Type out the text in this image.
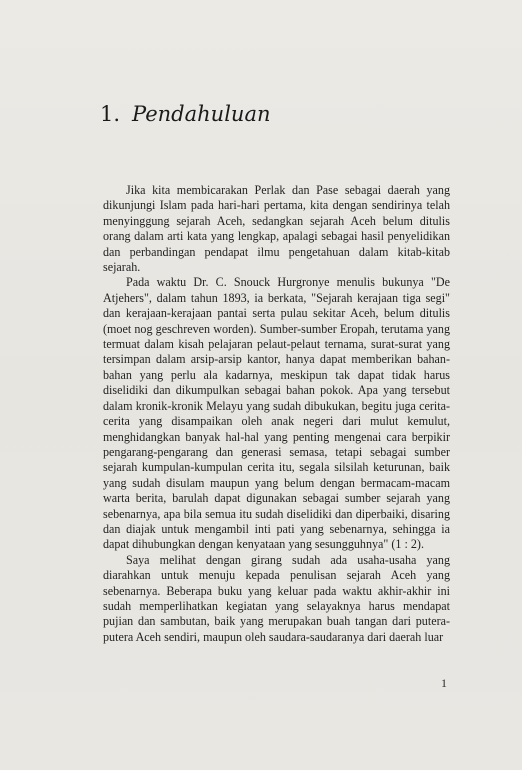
1. Pendahuluan

Jika kita membicarakan Perlak dan Pase sebagai daerah yang dikunjungi Islam pada hari-hari pertama, kita dengan sendirinya telah menyinggung sejarah Aceh, sedangkan sejarah Aceh belum ditulis orang dalam arti kata yang lengkap, apalagi sebagai hasil penyelidikan dan perbandingan pendapat ilmu pengetahuan dalam kitab-kitab sejarah.

Pada waktu Dr. C. Snouck Hurgronye menulis bukunya "De Atjehers", dalam tahun 1893, ia berkata, "Sejarah kerajaan tiga segi" dan kerajaan-kerajaan pantai serta pulau sekitar Aceh, belum ditulis (moet nog geschreven worden). Sumber-sumber Eropah, terutama yang termuat dalam kisah pelajaran pelaut-pelaut ternama, surat-surat yang tersimpan dalam arsip-arsip kantor, hanya dapat memberikan bahan-bahan yang perlu ala kadarnya, meskipun tak dapat tidak harus diselidiki dan dikumpulkan sebagai bahan pokok. Apa yang tersebut dalam kronik-kronik Melayu yang sudah dibukukan, begitu juga cerita-cerita yang disampaikan oleh anak negeri dari mulut kemulut, menghidangkan banyak hal-hal yang penting mengenai cara berpikir pengarang-pengarang dan generasi semasa, tetapi sebagai sumber sejarah kumpulan-kumpulan cerita itu, segala silsilah keturunan, baik yang sudah disulam maupun yang belum dengan bermacam-macam warta berita, barulah dapat digunakan sebagai sumber sejarah yang sebenarnya, apa bila semua itu sudah diselidiki dan diperbaiki, disaring dan diajak untuk mengambil inti pati yang sebenarnya, sehingga ia dapat dihubungkan dengan kenyataan yang sesungguhnya" (1 : 2).

Saya melihat dengan girang sudah ada usaha-usaha yang diarahkan untuk menuju kepada penulisan sejarah Aceh yang sebenarnya. Beberapa buku yang keluar pada waktu akhir-akhir ini sudah memperlihatkan kegiatan yang selayaknya harus mendapat pujian dan sambutan, baik yang merupakan buah tangan dari putera-putera Aceh sendiri, maupun oleh saudara-saudaranya dari daerah luar

1
